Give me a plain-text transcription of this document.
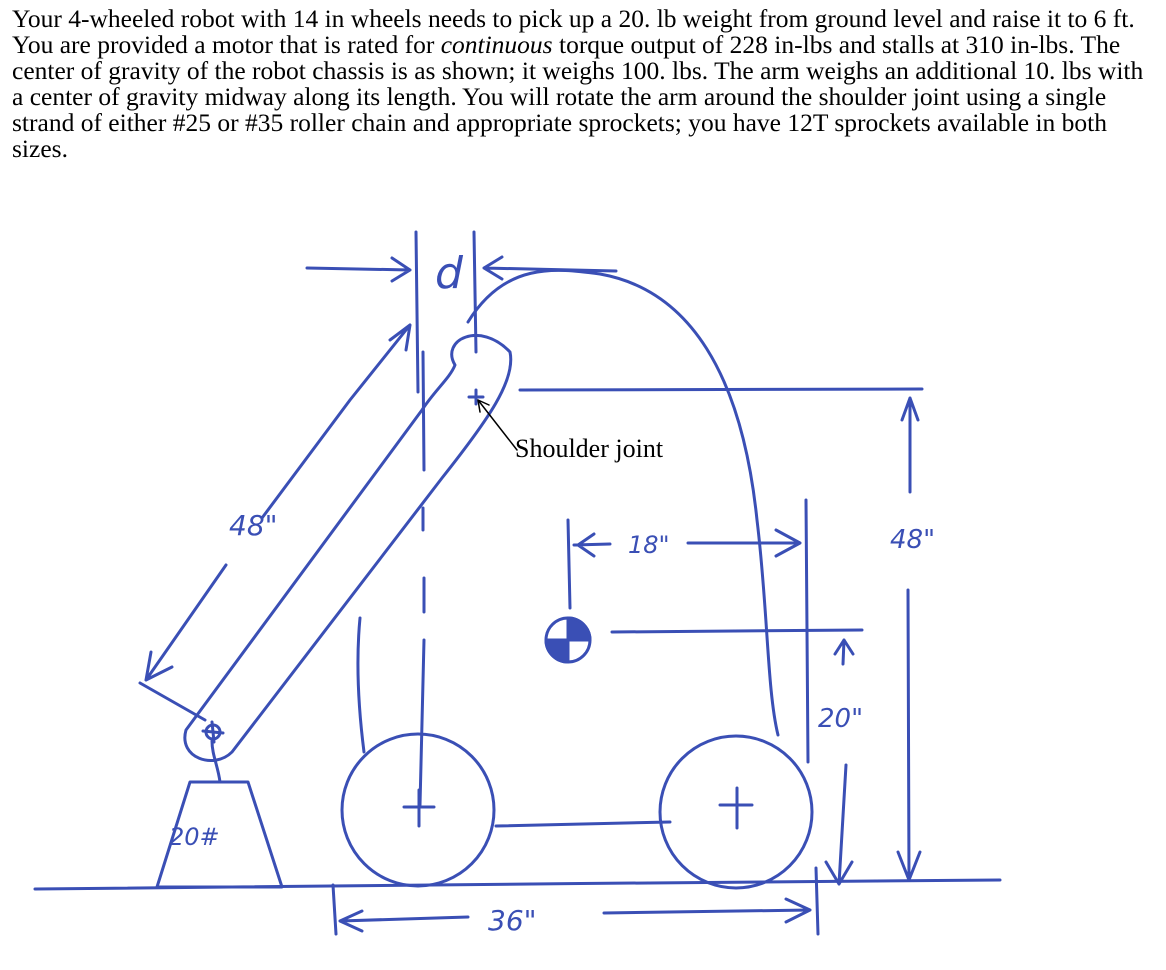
Your 4-wheeled robot with 14 in wheels needs to pick up a 20. lb weight from ground level and raise it to 6 ft. You are provided a motor that is rated for continuous torque output of 228 in-lbs and stalls at 310 in-lbs. The center of gravity of the robot chassis is as shown; it weighs 100. lbs. The arm weighs an additional 10. lbs with a center of gravity midway along its length. You will rotate the arm around the shoulder joint using a single strand of either #25 or #35 roller chain and appropriate sprockets; you have 12T sprockets available in both sizes.

d
Shoulder joint
48"
18"	48"
20"
36"
20#
